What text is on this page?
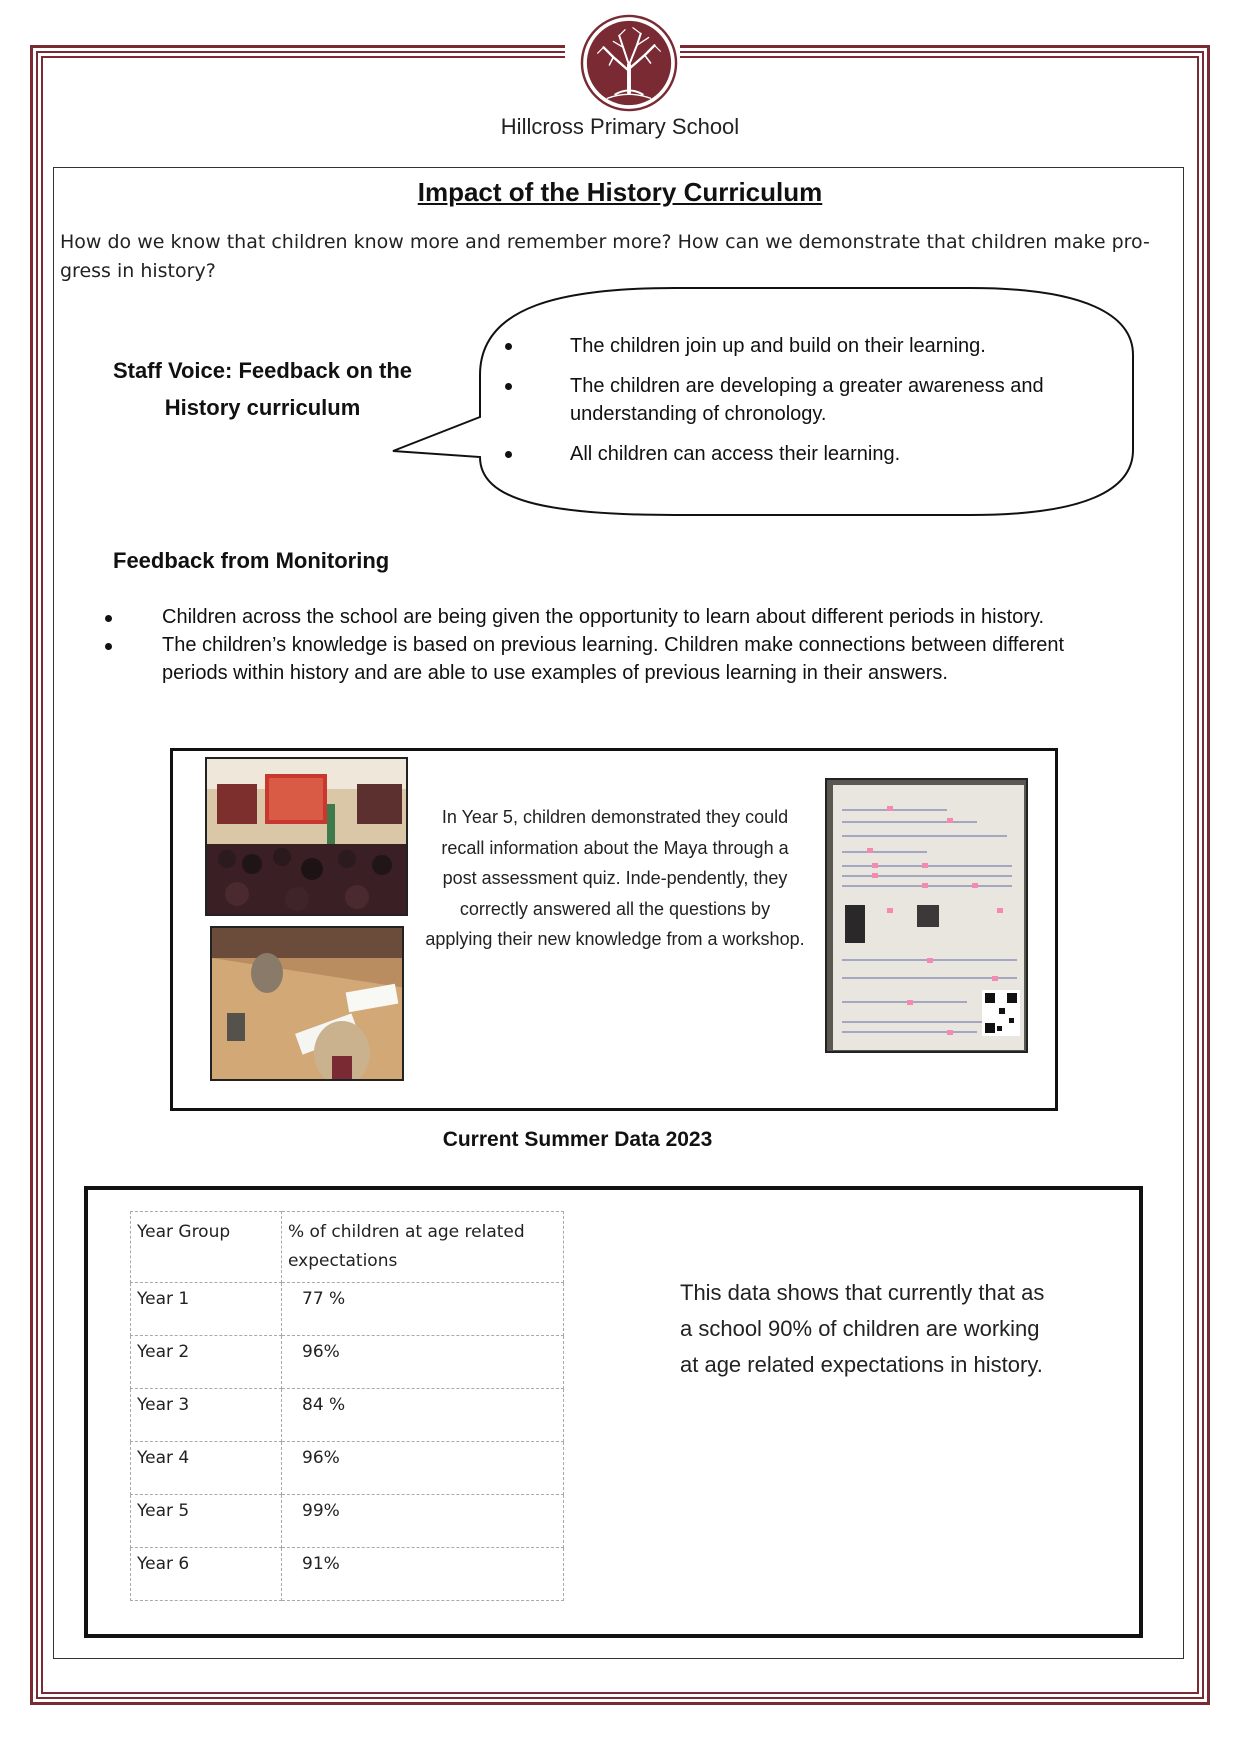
Hillcross Primary School
Impact of the History Curriculum
How do we know that children know more and remember more? How can we demonstrate that children make pro-gress in history?
Staff Voice: Feedback on the History curriculum
The children join up and build on their learning.
The children are developing a greater awareness and understanding of chronology.
All children can access their learning.
Feedback from Monitoring
Children across the school are being given the opportunity to learn about different periods in history.
The children’s knowledge is based on previous learning. Children make connections between different periods within history and are able to use examples of previous learning in their answers.
In Year 5, children demonstrated they could recall information about the Maya through a post assessment quiz. Inde-pendently, they correctly answered all the questions by applying their new knowledge from a workshop.
Current Summer Data 2023
Year Group	% of children at age related expectations
Year 1	77 %
Year 2	96%
Year 3	84 %
Year 4	96%
Year 5	99%
Year 6	91%
This data shows that currently that as a school 90% of children are working at age related expectations in history.
